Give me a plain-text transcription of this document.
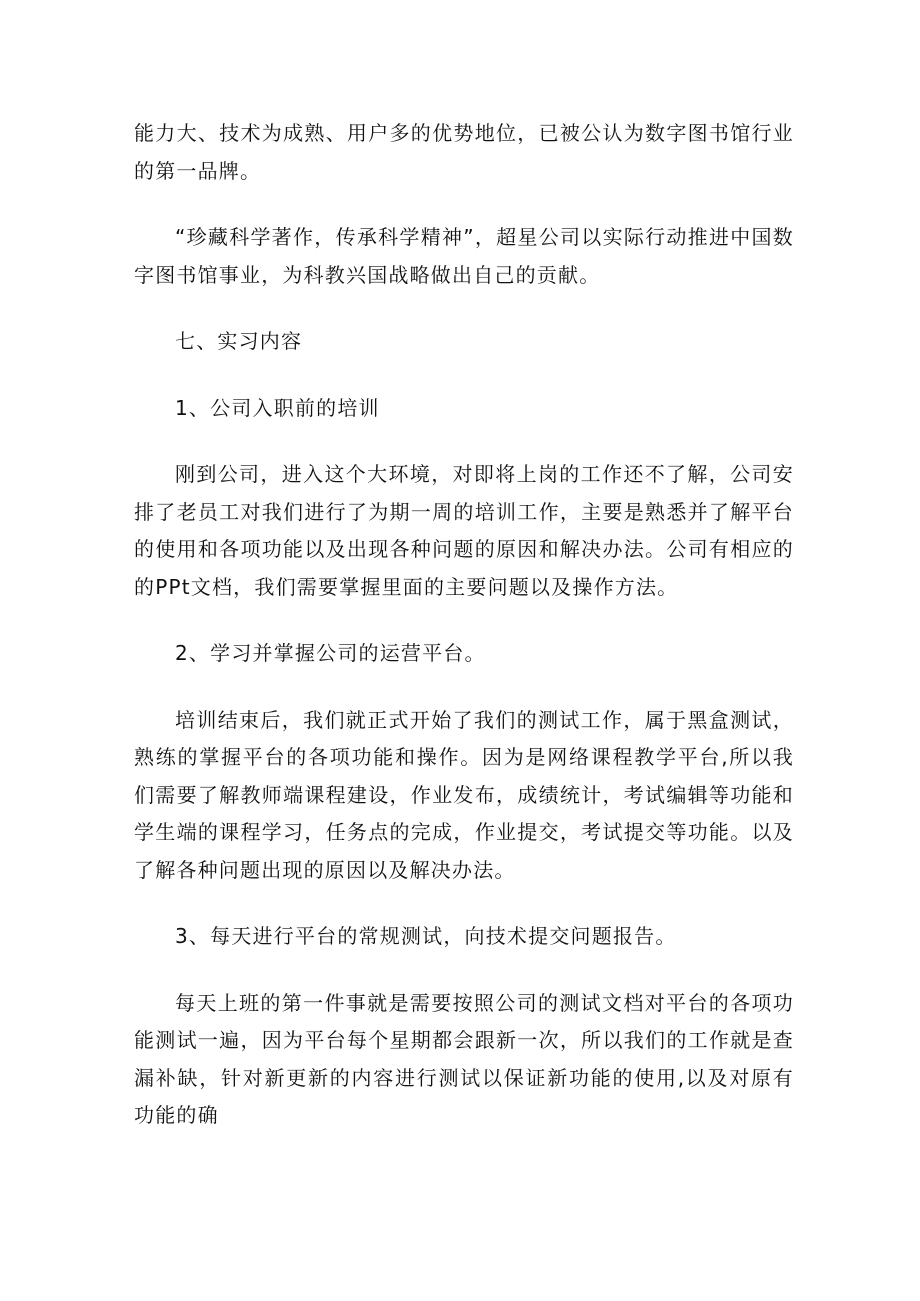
能力大、技术为成熟、用户多的优势地位，已被公认为数字图书馆行业的第一品牌。

“珍藏科学著作，传承科学精神”，超星公司以实际行动推进中国数字图书馆事业，为科教兴国战略做出自己的贡献。

七、实习内容

1、公司入职前的培训

刚到公司，进入这个大环境，对即将上岗的工作还不了解，公司安排了老员工对我们进行了为期一周的培训工作，主要是熟悉并了解平台的使用和各项功能以及出现各种问题的原因和解决办法。公司有相应的的PPt文档，我们需要掌握里面的主要问题以及操作方法。

2、学习并掌握公司的运营平台。

培训结束后，我们就正式开始了我们的测试工作，属于黑盒测试，熟练的掌握平台的各项功能和操作。因为是网络课程教学平台,所以我们需要了解教师端课程建设，作业发布，成绩统计，考试编辑等功能和学生端的课程学习，任务点的完成，作业提交，考试提交等功能。以及了解各种问题出现的原因以及解决办法。

3、每天进行平台的常规测试，向技术提交问题报告。

每天上班的第一件事就是需要按照公司的测试文档对平台的各项功能测试一遍，因为平台每个星期都会跟新一次，所以我们的工作就是查漏补缺，针对新更新的内容进行测试以保证新功能的使用,以及对原有功能的确
